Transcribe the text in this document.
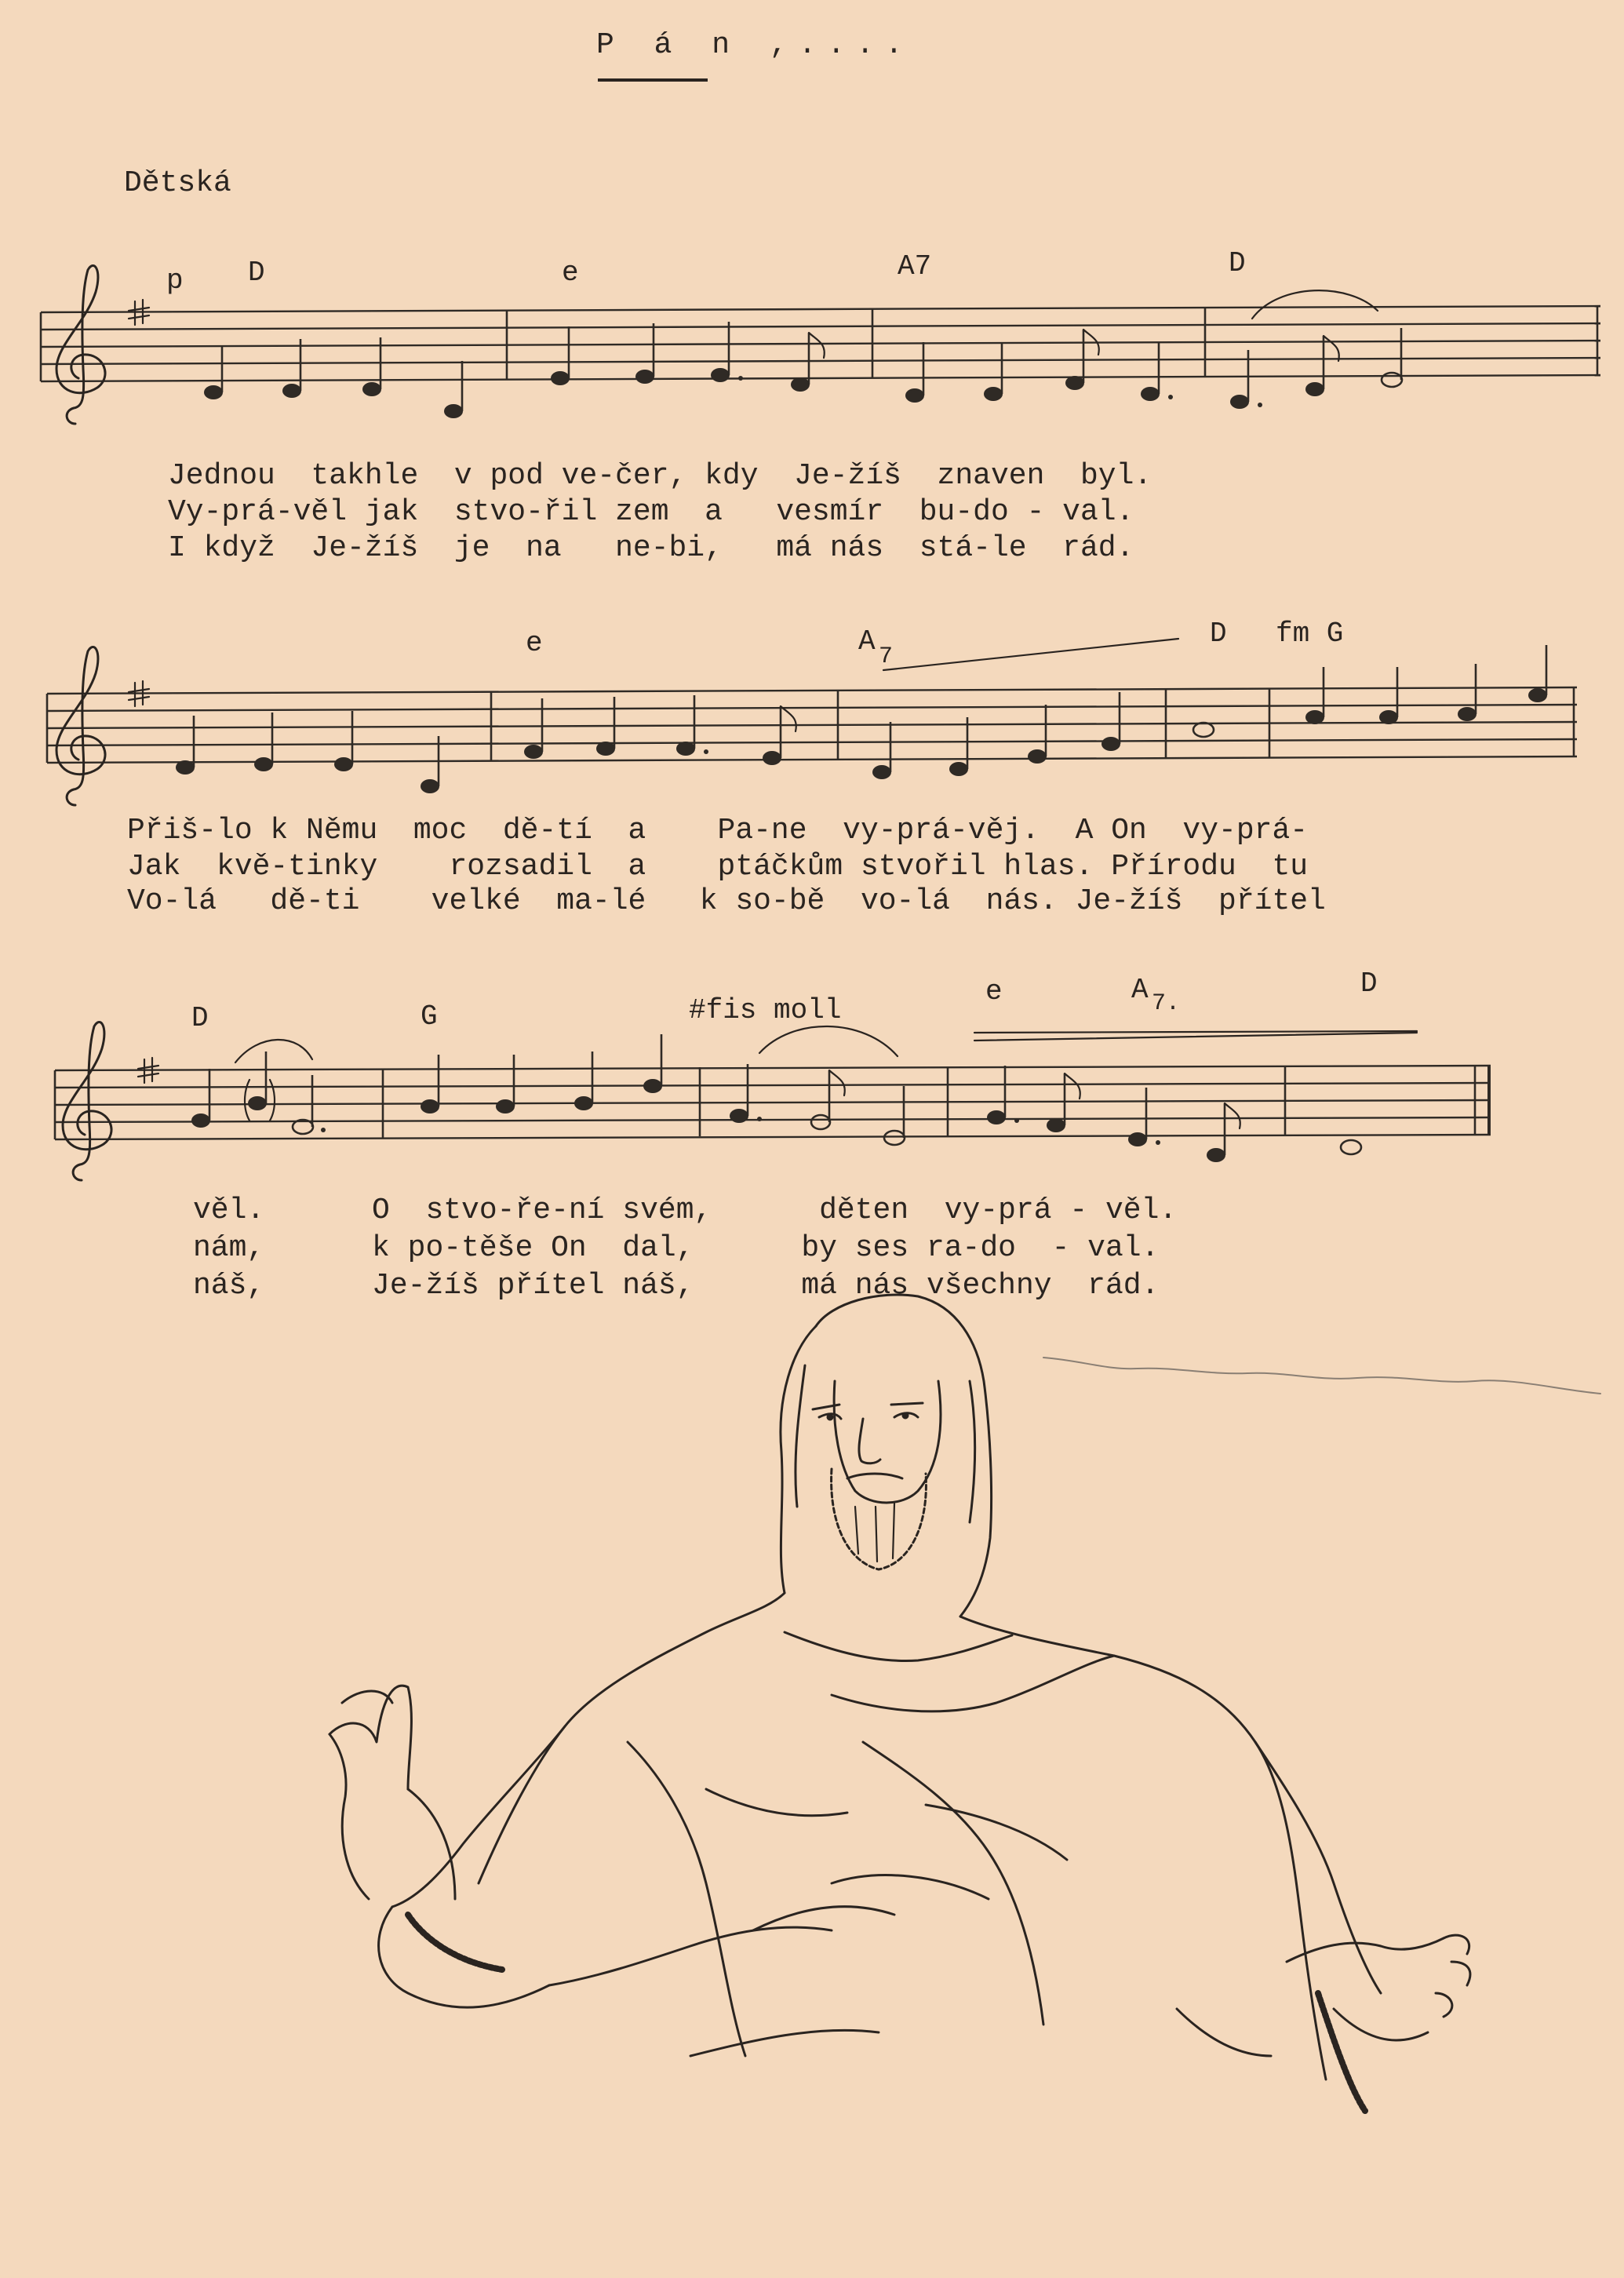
P á n ,....
Dětská
p D	e	A7	D
e	A 7
D fm G
D	G	#fis moll
e	A 7.
D
Jednou  takhle  v pod ve-čer, kdy  Je-žíš  znaven  byl.
Vy-prá-věl jak  stvo-řil zem  a   vesmír  bu-do - val.
I když  Je-žíš  je  na   ne-bi,   má nás  stá-le  rád.
Přiš-lo k Němu  moc  dě-tí  a    Pa-ne  vy-prá-věj.  A On  vy-prá-
Jak  kvě-tinky    rozsadil  a    ptáčkům stvořil hlas. Přírodu  tu
Vo-lá   dě-ti    velké  ma-lé   k so-bě  vo-lá  nás. Je-žíš  přítel
věl.      O  stvo-ře-ní svém,      děten  vy-prá - věl.
nám,      k po-těše On  dal,      by ses ra-do  - val.
náš,      Je-žíš přítel náš,      má nás všechny  rád.
